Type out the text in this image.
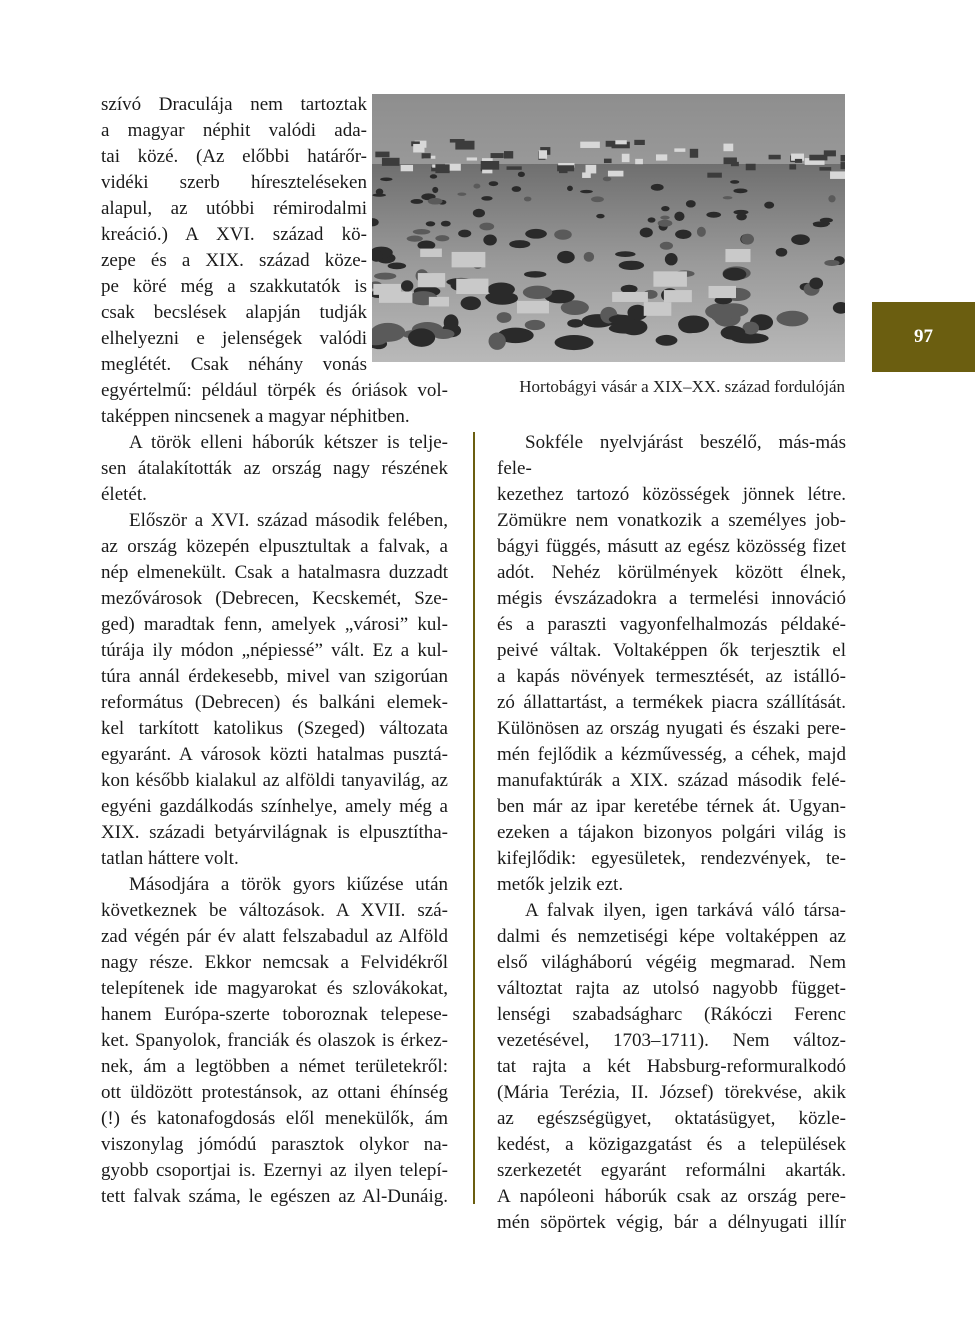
Hortobágyi vásár a XIX–XX. század fordulóján
97
szívó Draculája nem tartoztak
a magyar néphit valódi ada-
tai közé. (Az előbbi határőr-
vidéki szerb híreszteléseken
alapul, az utóbbi rémirodalmi
kreáció.) A XVI. század kö-
zepe és a XIX. század köze-
pe köré még a szakkutatók is
csak becslések alapján tudják
elhelyezni e jelenségek valódi
meglétét. Csak néhány vonás
egyértelmű: például törpék és óriások vol-
taképpen nincsenek a magyar néphitben.
A török elleni háborúk kétszer is telje-
sen átalakították az ország nagy részének
életét.
Először a XVI. század második felében,
az ország közepén elpusztultak a falvak, a
nép elmenekült. Csak a hatalmasra duzzadt
mezővárosok (Debrecen, Kecskemét, Sze-
ged) maradtak fenn, amelyek „városi” kul-
túrája ily módon „népiessé” vált. Ez a kul-
túra annál érdekesebb, mivel van szigorúan
református (Debrecen) és balkáni elemek-
kel tarkított katolikus (Szeged) változata
egyaránt. A városok közti hatalmas pusztá-
kon később kialakul az alföldi tanyavilág, az
egyéni gazdálkodás színhelye, amely még a
XIX. századi betyárvilágnak is elpusztítha-
tatlan háttere volt.
Másodjára a török gyors kiűzése után
következnek be változások. A XVII. szá-
zad végén pár év alatt felszabadul az Alföld
nagy része. Ekkor nemcsak a Felvidékről
telepítenek ide magyarokat és szlovákokat,
hanem Európa-szerte toboroznak telepese-
ket. Spanyolok, franciák és olaszok is érkez-
nek, ám a legtöbben a német területekről:
ott üldözött protestánsok, az ottani éhínség
(!) és katonafogdosás elől menekülők, ám
viszonylag jómódú parasztok olykor na-
gyobb csoportjai is. Ezernyi az ilyen telepí-
tett falvak száma, le egészen az Al-Dunáig.
Sokféle nyelvjárást beszélő, más-más fele-
kezethez tartozó közösségek jönnek létre.
Zömükre nem vonatkozik a személyes job-
bágyi függés, másutt az egész közösség fizet
adót. Nehéz körülmények között élnek,
mégis évszázadokra a termelési innováció
és a paraszti vagyonfelhalmozás példaké-
peivé váltak. Voltaképpen ők terjesztik el
a kapás növények termesztését, az istálló-
zó állattartást, a termékek piacra szállítását.
Különösen az ország nyugati és északi pere-
mén fejlődik a kézművesség, a céhek, majd
manufaktúrák a XIX. század második felé-
ben már az ipar keretébe térnek át. Ugyan-
ezeken a tájakon bizonyos polgári világ is
kifejlődik: egyesületek, rendezvények, te-
metők jelzik ezt.
A falvak ilyen, igen tarkává váló társa-
dalmi és nemzetiségi képe voltaképpen az
első világháború végéig megmarad. Nem
változtat rajta az utolsó nagyobb függet-
lenségi szabadságharc (Rákóczi Ferenc
vezetésével, 1703–1711). Nem változ-
tat rajta a két Habsburg-reformuralkodó
(Mária Terézia, II. József) törekvése, akik
az egészségügyet, oktatásügyet, közle-
kedést, a közigazgatást és a települések
szerkezetét egyaránt reformálni akarták.
A napóleoni háborúk csak az ország pere-
mén söpörtek végig, bár a délnyugati illír
